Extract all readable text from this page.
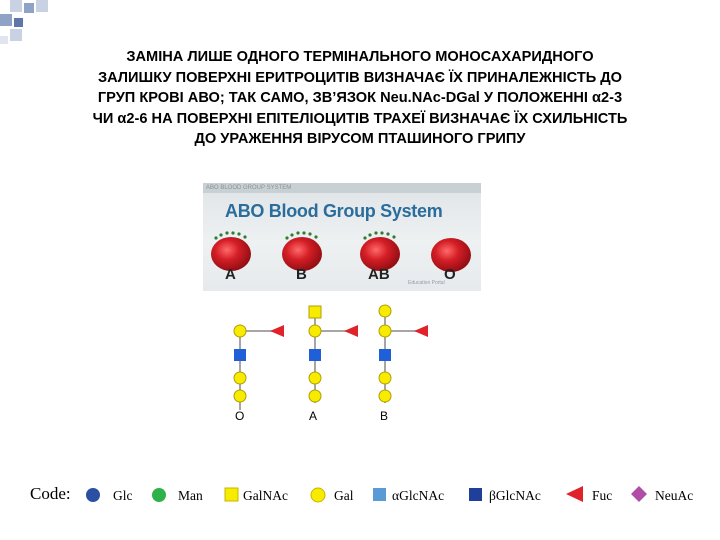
ЗАМІНА ЛИШЕ ОДНОГО ТЕРМІНАЛЬНОГО МОНОСАХАРИДНОГО
ЗАЛИШКУ ПОВЕРХНІ ЕРИТРОЦИТІВ ВИЗНАЧАЄ ЇХ ПРИНАЛЕЖНІСТЬ ДО
ГРУП КРОВІ АВО; ТАК САМО, ЗВ’ЯЗОК Neu.NAc-DGal У ПОЛОЖЕННІ α2-3
ЧИ α2-6 НА ПОВЕРХНІ ЕПІТЕЛІОЦИТІВ ТРАХЕЇ ВИЗНАЧАЄ ЇХ СХИЛЬНІСТЬ
ДО УРАЖЕННЯ ВІРУСОМ ПТАШИНОГО ГРИПУ
ABO BLOOD GROUP SYSTEM
ABO Blood Group System
A	B	AB	O
Education Portal
O	A	B
Code:	Glc	Man	GalNAc	Gal	αGlcNAc	βGlcNAc	Fuc	NeuAc
